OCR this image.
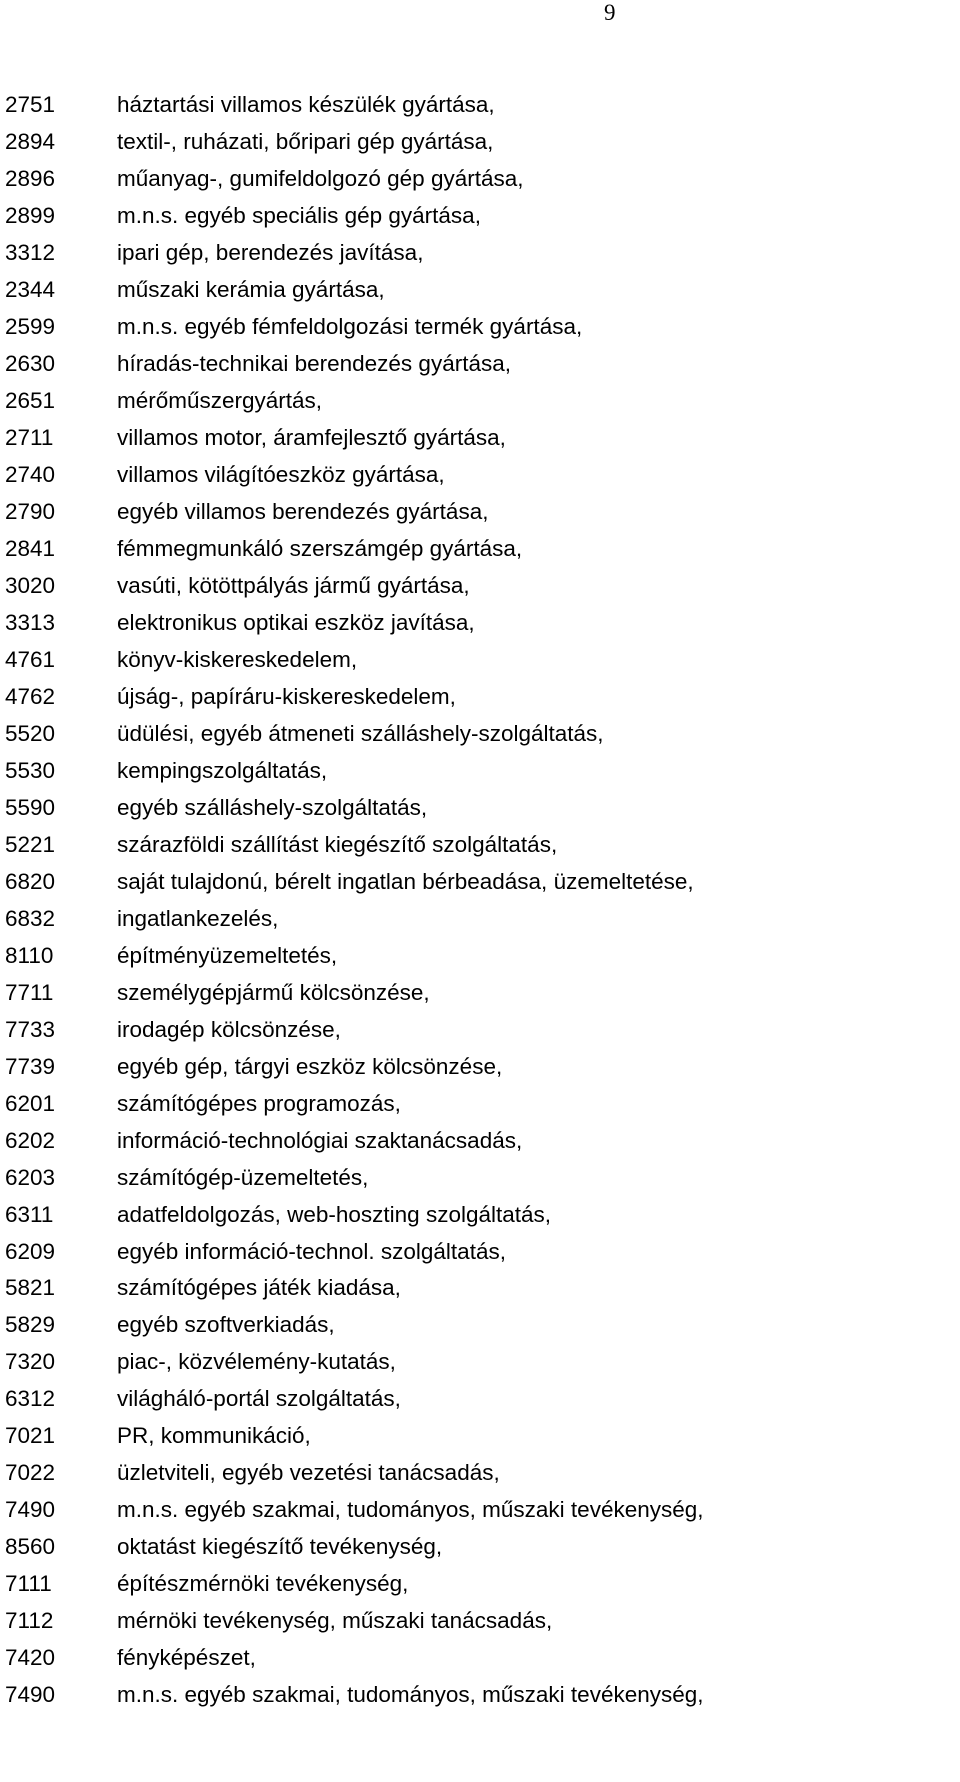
9
2751	háztartási villamos készülék gyártása,
2894	textil-, ruházati, bőripari gép gyártása,
2896	műanyag-, gumifeldolgozó gép gyártása,
2899	m.n.s. egyéb speciális gép gyártása,
3312	ipari gép, berendezés javítása,
2344	műszaki kerámia gyártása,
2599	m.n.s. egyéb fémfeldolgozási termék gyártása,
2630	híradás-technikai berendezés gyártása,
2651	mérőműszergyártás,
2711	villamos motor, áramfejlesztő gyártása,
2740	villamos világítóeszköz gyártása,
2790	egyéb villamos berendezés gyártása,
2841	fémmegmunkáló szerszámgép gyártása,
3020	vasúti, kötöttpályás jármű gyártása,
3313	elektronikus optikai eszköz javítása,
4761	könyv-kiskereskedelem,
4762	újság-, papíráru-kiskereskedelem,
5520	üdülési, egyéb átmeneti szálláshely-szolgáltatás,
5530	kempingszolgáltatás,
5590	egyéb szálláshely-szolgáltatás,
5221	szárazföldi szállítást kiegészítő szolgáltatás,
6820	saját tulajdonú, bérelt ingatlan bérbeadása, üzemeltetése,
6832	ingatlankezelés,
8110	építményüzemeltetés,
7711	személygépjármű kölcsönzése,
7733	irodagép kölcsönzése,
7739	egyéb gép, tárgyi eszköz kölcsönzése,
6201	számítógépes programozás,
6202	információ-technológiai szaktanácsadás,
6203	számítógép-üzemeltetés,
6311	adatfeldolgozás, web-hoszting szolgáltatás,
6209	egyéb információ-technol. szolgáltatás,
5821	számítógépes játék kiadása,
5829	egyéb szoftverkiadás,
7320	piac-, közvélemény-kutatás,
6312	világháló-portál szolgáltatás,
7021	PR, kommunikáció,
7022	üzletviteli, egyéb vezetési tanácsadás,
7490	m.n.s. egyéb szakmai, tudományos, műszaki tevékenység,
8560	oktatást kiegészítő tevékenység,
7111	építészmérnöki tevékenység,
7112	mérnöki tevékenység, műszaki tanácsadás,
7420	fényképészet,
7490	m.n.s. egyéb szakmai, tudományos, műszaki tevékenység,
